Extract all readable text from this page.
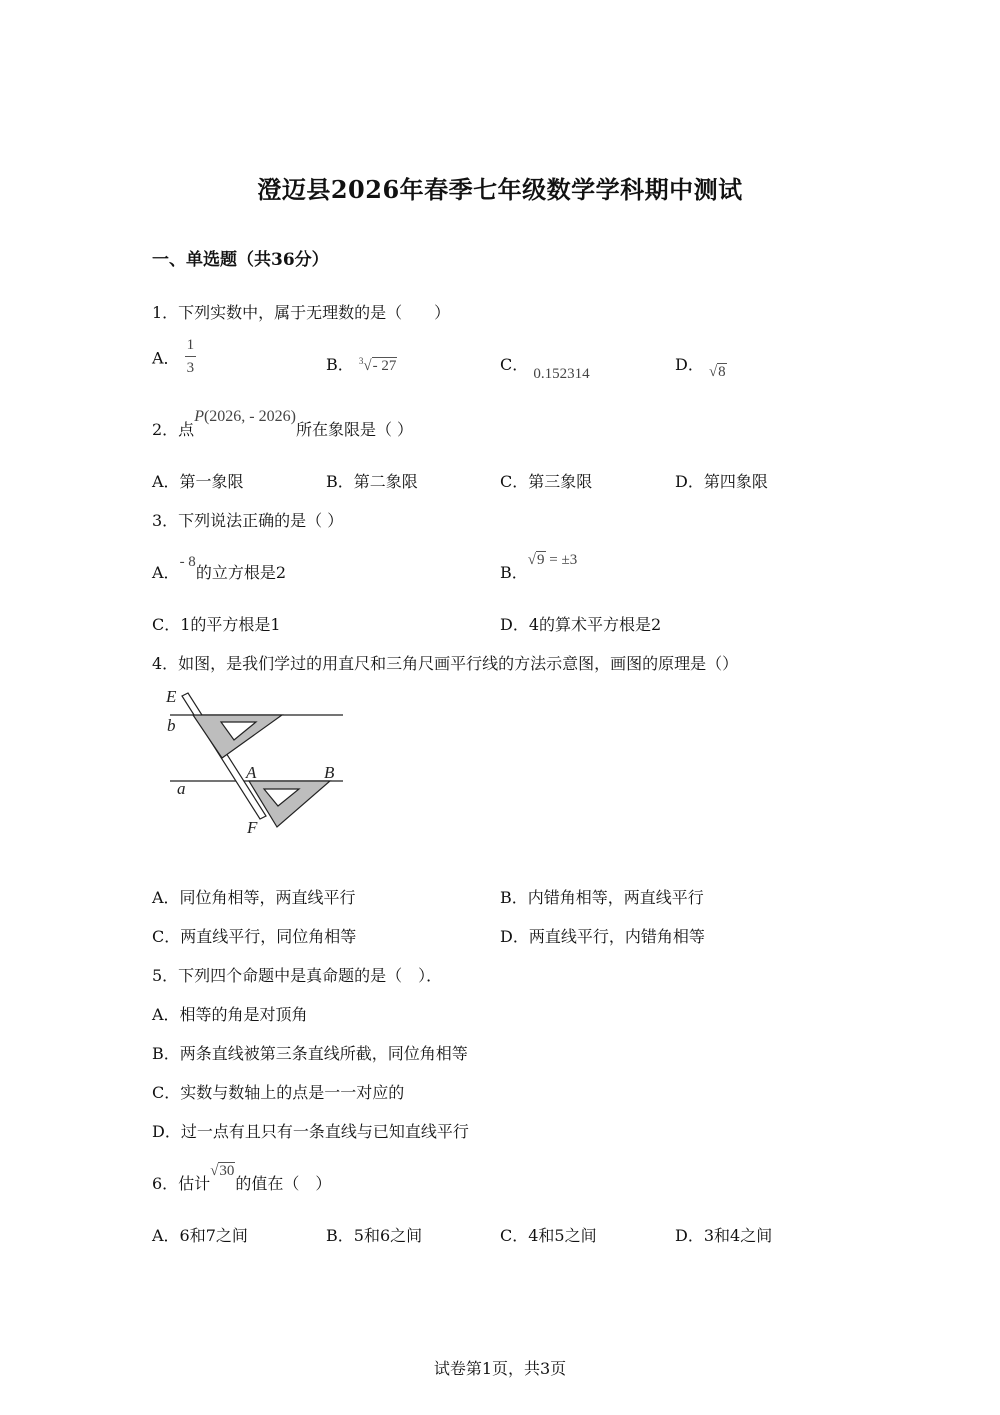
澄迈县2026年春季七年级数学学科期中测试
一、单选题（共36分）
1．下列实数中，属于无理数的是（　　）
A． $\frac{1}{3}$	B． $^3$√- 27	C． 0.152314	D． √8
2．点P(2026, - 2026)所在象限是（ ）
A．第一象限	B．第二象限	C．第三象限	D．第四象限
3．下列说法正确的是（ ）
A．- 8的立方根是2	B．√9 = ±3
C．1的平方根是1	D．4的算术平方根是2
4．如图，是我们学过的用直尺和三角尺画平行线的方法示意图，画图的原理是（）
E
b
A	B
a
F
A．同位角相等，两直线平行	B．内错角相等，两直线平行
C．两直线平行，同位角相等	D．两直线平行，内错角相等
5．下列四个命题中是真命题的是（　）．
A．相等的角是对顶角
B．两条直线被第三条直线所截，同位角相等
C．实数与数轴上的点是一一对应的
D．过一点有且只有一条直线与已知直线平行
6．估计√30的值在（　）
A．6和7之间	B．5和6之间	C．4和5之间	D．3和4之间
试卷第1页，共3页
